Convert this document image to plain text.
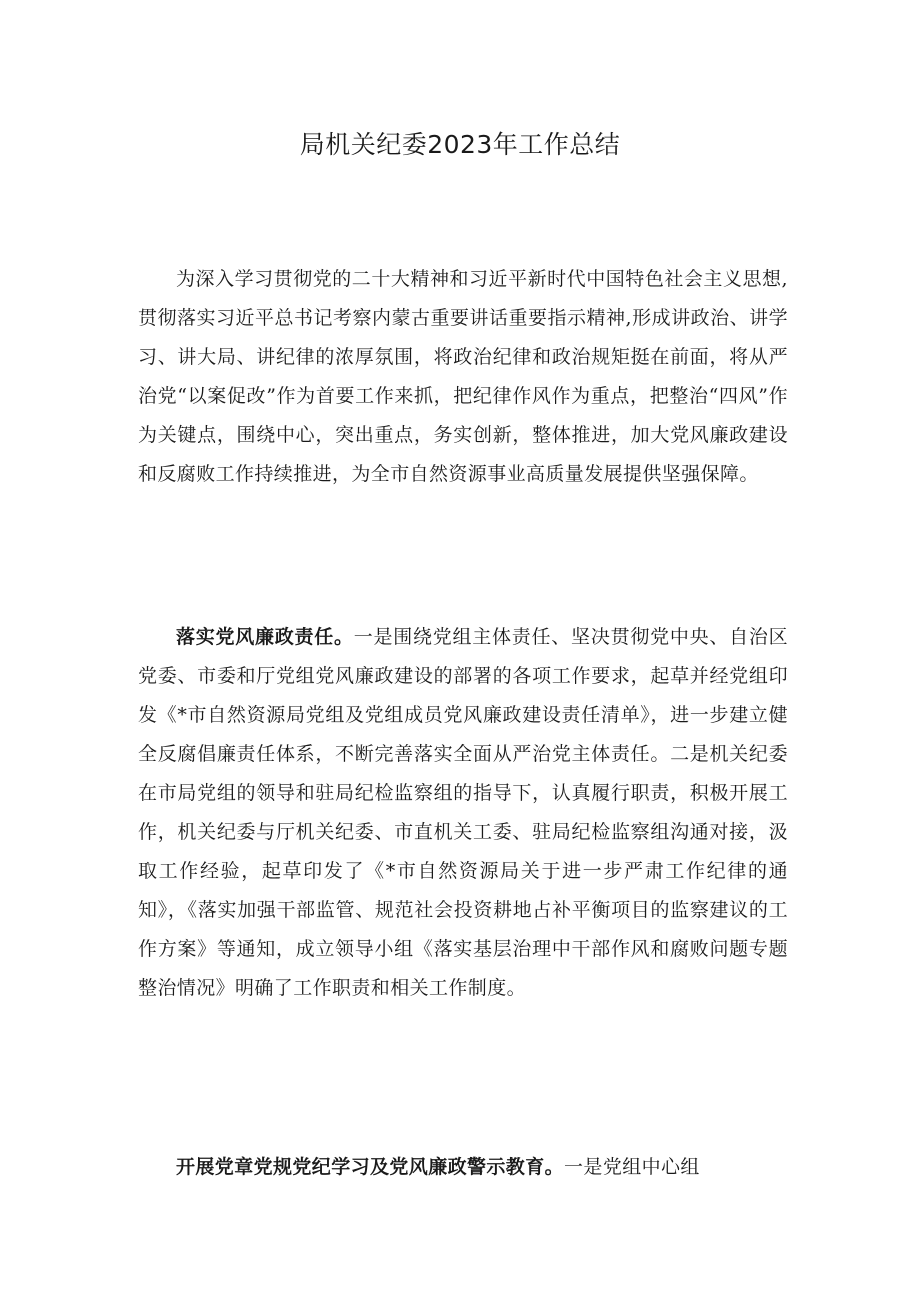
局机关纪委2023年工作总结

为深入学习贯彻党的二十大精神和习近平新时代中国特色社会主义思想,贯彻落实习近平总书记考察内蒙古重要讲话重要指示精神,形成讲政治、讲学习、讲大局、讲纪律的浓厚氛围，将政治纪律和政治规矩挺在前面，将从严治党“以案促改”作为首要工作来抓，把纪律作风作为重点，把整治“四风”作为关键点，围绕中心，突出重点，务实创新，整体推进，加大党风廉政建设和反腐败工作持续推进，为全市自然资源事业高质量发展提供坚强保障。

落实党风廉政责任。一是围绕党组主体责任、坚决贯彻党中央、自治区党委、市委和厅党组党风廉政建设的部署的各项工作要求，起草并经党组印发《*市自然资源局党组及党组成员党风廉政建设责任清单》，进一步建立健全反腐倡廉责任体系，不断完善落实全面从严治党主体责任。二是机关纪委在市局党组的领导和驻局纪检监察组的指导下，认真履行职责，积极开展工作，机关纪委与厅机关纪委、市直机关工委、驻局纪检监察组沟通对接，汲取工作经验，起草印发了《*市自然资源局关于进一步严肃工作纪律的通知》，《落实加强干部监管、规范社会投资耕地占补平衡项目的监察建议的工作方案》等通知，成立领导小组《落实基层治理中干部作风和腐败问题专题整治情况》明确了工作职责和相关工作制度。

开展党章党规党纪学习及党风廉政警示教育。一是党组中心组
